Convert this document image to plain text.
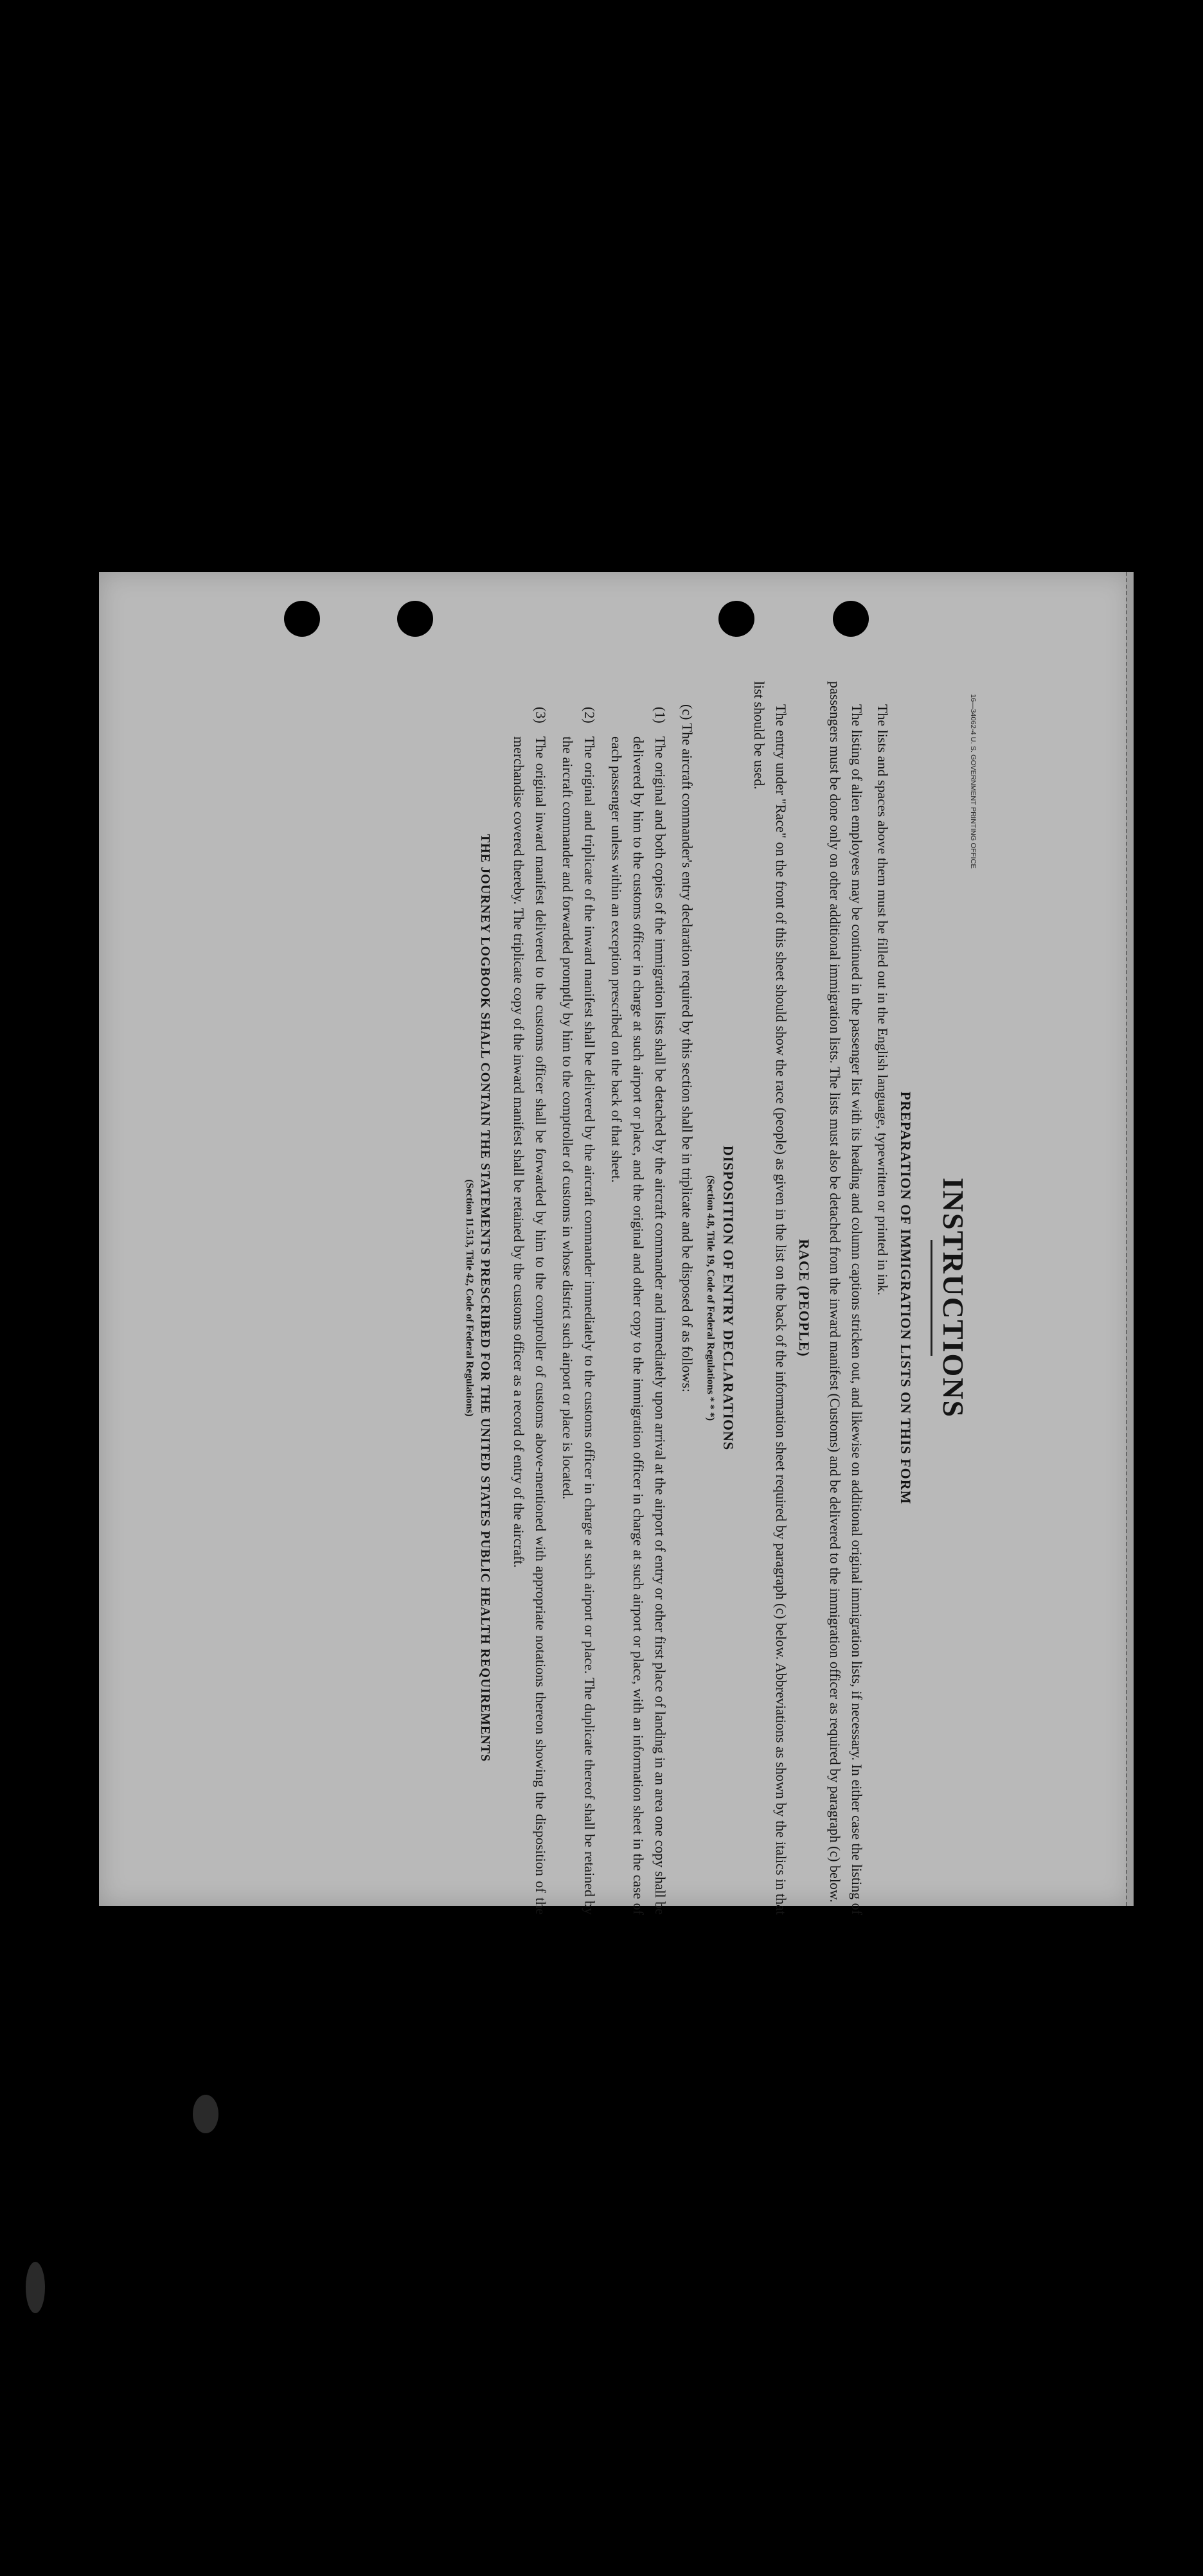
INSTRUCTIONS
PREPARATION OF IMMIGRATION LISTS ON THIS FORM

The lists and spaces above them must be filled out in the English language, typewritten or printed in ink.

The listing of alien employees may be continued in the passenger list with its heading and column captions stricken out, and likewise on additional original immigration lists, if necessary. In either case the listing of passengers must be done only on other additional immigration lists. The lists must also be detached from the inward manifest (Customs) and be delivered to the immigration officer as required by paragraph (c) below.

RACE (PEOPLE)

The entry under "Race" on the front of this sheet should show the race (people) as given in the list on the back of the information sheet required by paragraph (c) below. Abbreviations as shown by the italics in that list should be used.

DISPOSITION OF ENTRY DECLARATIONS
(Section 4.8, Title 19, Code of Federal Regulations * * *)

(c) The aircraft commander's entry declaration required by this section shall be in triplicate and be disposed of as follows:

(1)The original and both copies of the immigration lists shall be detached by the aircraft commander and immediately upon arrival at the airport of entry or other first place of landing in an area one copy shall be delivered by him to the customs officer in charge at such airport or place, and the original and other copy to the immigration officer in charge at such airport or place, with an information sheet in the case of each passenger unless within an exception prescribed on the back of that sheet.

(2)The original and triplicate of the inward manifest shall be delivered by the aircraft commander immediately to the customs officer in charge at such airport or place. The duplicate thereof shall be retained by the aircraft commander and forwarded promptly by him to the comptroller of customs in whose district such airport or place is located.

(3)The original inward manifest delivered to the customs officer shall be forwarded by him to the comptroller of customs above-mentioned with appropriate notations thereon showing the disposition of the merchandise covered thereby. The triplicate copy of the inward manifest shall be retained by the customs officer as a record of entry of the aircraft.

THE JOURNEY LOGBOOK SHALL CONTAIN THE STATEMENTS PRESCRIBED FOR THE UNITED STATES PUBLIC HEALTH REQUIREMENTS
(Section 11.513, Title 42, Code of Federal Regulations)
16—34062-4 U. S. GOVERNMENT PRINTING OFFICE
